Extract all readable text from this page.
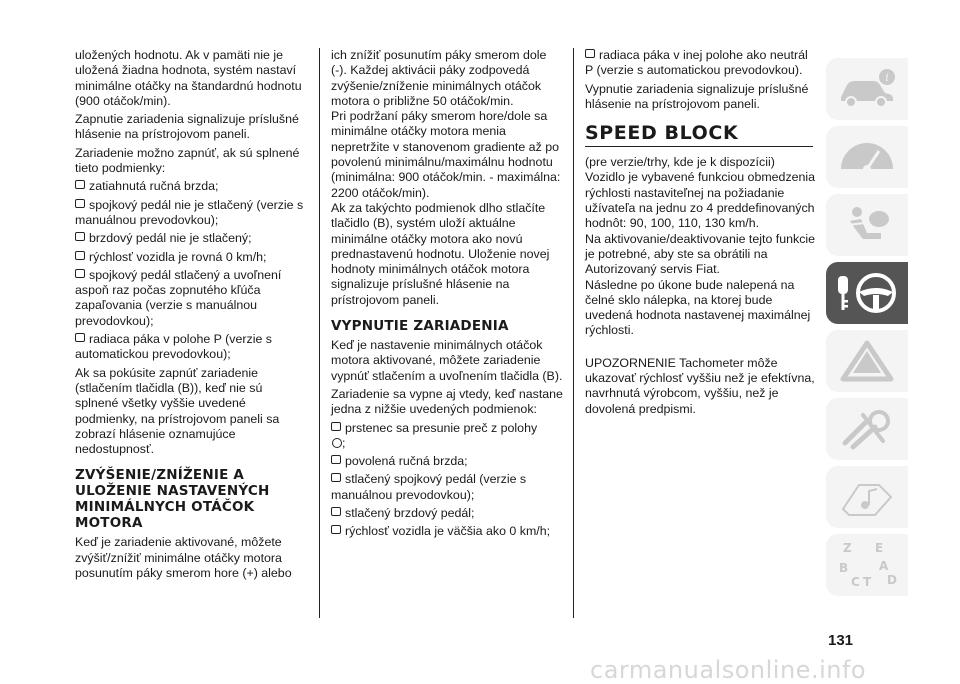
uložených hodnotu. Ak v pamäti nie je uložená žiadna hodnota, systém nastaví minimálne otáčky na štandardnú hodnotu (900 otáčok/min).

Zapnutie zariadenia signalizuje príslušné hlásenie na prístrojovom paneli.

Zariadenie možno zapnúť, ak sú splnené tieto podmienky:

zatiahnutá ručná brzda;

spojkový pedál nie je stlačený (verzie s manuálnou prevodovkou);

brzdový pedál nie je stlačený;

rýchlosť vozidla je rovná 0 km/h;

spojkový pedál stlačený a uvoľnení aspoň raz počas zopnutého kľúča zapaľovania (verzie s manuálnou prevodovkou);

radiaca páka v polohe P (verzie s automatickou prevodovkou);

Ak sa pokúsite zapnúť zariadenie (stlačením tlačidla (B)), keď nie sú splnené všetky vyššie uvedené podmienky, na prístrojovom paneli sa zobrazí hlásenie oznamujúce nedostupnosť.

ZVÝŠENIE/ZNÍŽENIE A ULOŽENIE NASTAVENÝCH MINIMÁLNYCH OTÁČOK MOTORA

Keď je zariadenie aktivované, môžete zvýšiť/znížiť minimálne otáčky motora posunutím páky smerom hore (+) alebo

ich znížiť posunutím páky smerom dole (-). Každej aktivácii páky zodpovedá zvýšenie/zníženie minimálnych otáčok motora o približne 50 otáčok/min.

Pri podržaní páky smerom hore/dole sa minimálne otáčky motora menia nepretržite v stanovenom gradiente až po povolenú minimálnu/maximálnu hodnotu (minimálna: 900 otáčok/min. - maximálna: 2200 otáčok/min).

Ak za takýchto podmienok dlho stlačíte tlačidlo (B), systém uloží aktuálne minimálne otáčky motora ako novú prednastavenú hodnotu. Uloženie novej hodnoty minimálnych otáčok motora signalizuje príslušné hlásenie na prístrojovom paneli.

VYPNUTIE ZARIADENIA

Keď je nastavenie minimálnych otáčok motora aktivované, môžete zariadenie vypnúť stlačením a uvoľnením tlačidla (B).

Zariadenie sa vypne aj vtedy, keď nastane jedna z nižšie uvedených podmienok:

prstenec sa presunie preč z polohy
;

povolená ručná brzda;

stlačený spojkový pedál (verzie s manuálnou prevodovkou);

stlačený brzdový pedál;

rýchlosť vozidla je väčšia ako 0 km/h;

radiaca páka v inej polohe ako neutrál P (verzie s automatickou prevodovkou).

Vypnutie zariadenia signalizuje príslušné hlásenie na prístrojovom paneli.

SPEED BLOCK

(pre verzie/trhy, kde je k dispozícii) Vozidlo je vybavené funkciou obmedzenia rýchlosti nastaviteľnej na požiadanie užívateľa na jednu zo 4 preddefinovaných hodnôt: 90, 100, 110, 130 km/h.

Na aktivovanie/deaktivovanie tejto funkcie je potrebné, aby ste sa obrátili na Autorizovaný servis Fiat.

Následne po úkone bude nalepená na čelné sklo nálepka, na ktorej bude uvedená hodnota nastavenej maximálnej rýchlosti.

UPOZORNENIE Tachometer môže ukazovať rýchlosť vyššiu než je efektívna, navrhnutá výrobcom, vyššiu, než je dovolená predpismi.

i
Z E
A
B
C T D
131
carmanualsonline.info
